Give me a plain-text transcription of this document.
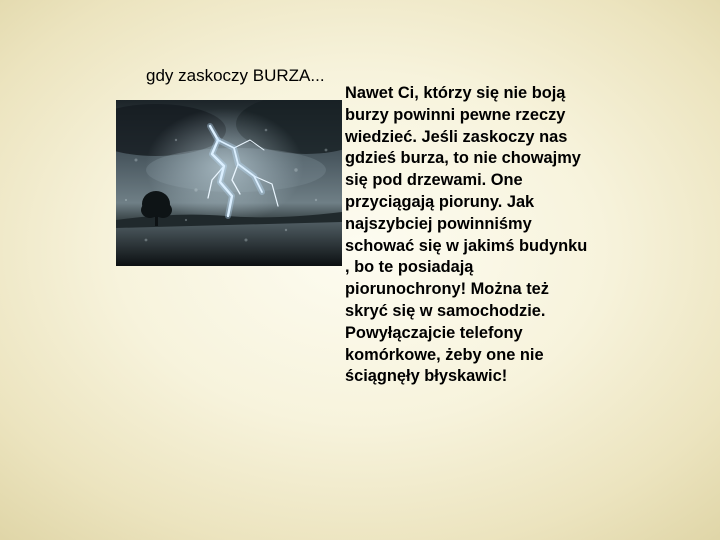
gdy zaskoczy BURZA...
Nawet Ci, którzy się nie boją
burzy powinni pewne rzeczy
wiedzieć. Jeśli zaskoczy nas
gdzieś burza, to nie chowajmy
się pod drzewami. One
przyciągają pioruny. Jak
najszybciej powinniśmy
schować się w jakimś budynku
, bo te posiadają
piorunochrony! Można też
skryć się w samochodzie.
Powyłączajcie telefony
komórkowe, żeby one nie
ściągnęły błyskawic!
